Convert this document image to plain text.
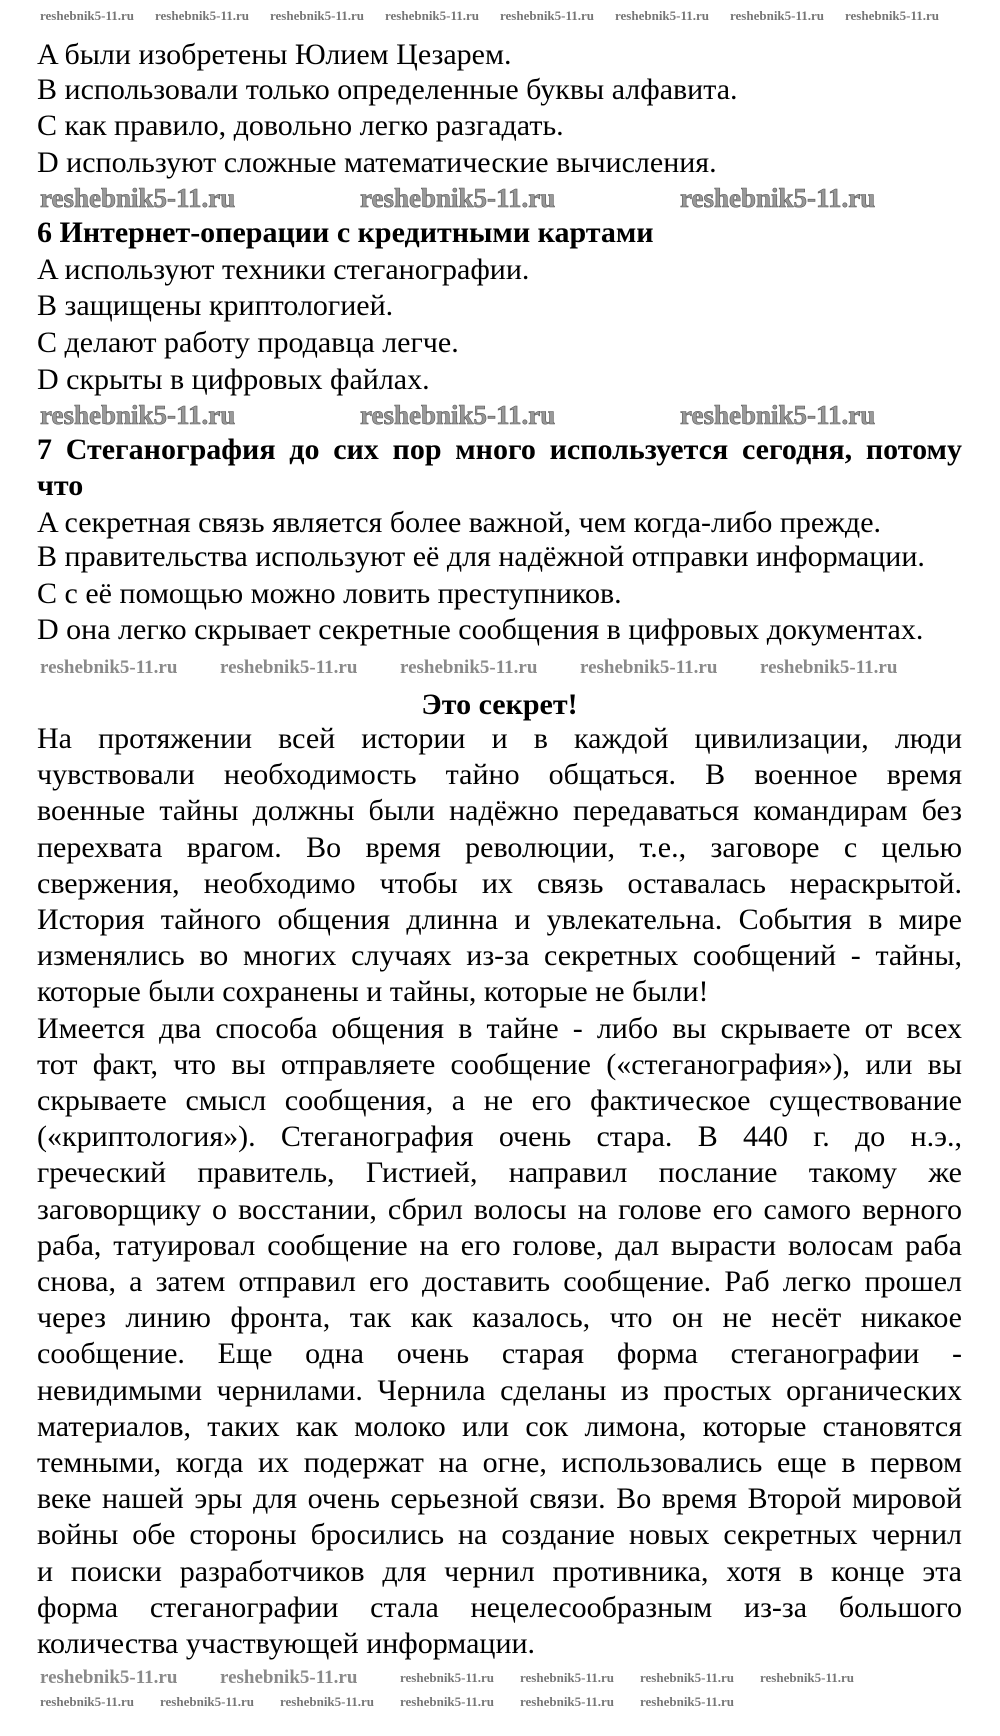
A были изобретены Юлием Цезарем.
B использовали только определенные буквы алфавита.
C как правило, довольно легко разгадать.
D используют сложные математические вычисления.
6 Интернет-операции с кредитными картами
A используют техники стеганографии.
B защищены криптологией.
C делают работу продавца легче.
D скрыты в цифровых файлах.
7 Стеганография до сих пор много используется сегодня, потому
что
A секретная связь является более важной, чем когда-либо прежде.
B правительства используют её для надёжной отправки информации.
C с её помощью можно ловить преступников.
D она легко скрывает секретные сообщения в цифровых документах.
Это секрет!
На протяжении всей истории и в каждой цивилизации, люди
чувствовали необходимость тайно общаться. В военное время
военные тайны должны были надёжно передаваться командирам без
перехвата врагом. Во время революции, т.е., заговоре с целью
свержения, необходимо чтобы их связь оставалась нераскрытой.
История тайного общения длинна и увлекательна. События в мире
изменялись во многих случаях из-за секретных сообщений - тайны,
которые были сохранены и тайны, которые не были!
Имеется два способа общения в тайне - либо вы скрываете от всех
тот факт, что вы отправляете сообщение («стеганография»), или вы
скрываете смысл сообщения, а не его фактическое существование
(«криптология»). Стеганография очень стара. В 440 г. до н.э.,
греческий правитель, Гистией, направил послание такому же
заговорщику о восстании, сбрил волосы на голове его самого верного
раба, татуировал сообщение на его голове, дал вырасти волосам раба
снова, а затем отправил его доставить сообщение. Раб легко прошел
через линию фронта, так как казалось, что он не несёт никакое
сообщение. Еще одна очень старая форма стеганографии -
невидимыми чернилами. Чернила сделаны из простых органических
материалов, таких как молоко или сок лимона, которые становятся
темными, когда их подержат на огне, использовались еще в первом
веке нашей эры для очень серьезной связи. Во время Второй мировой
войны обе стороны бросились на создание новых секретных чернил
и поиски разработчиков для чернил противника, хотя в конце эта
форма стеганографии стала нецелесообразным из-за большого
количества участвующей информации.
reshebnik5-11.ru reshebnik5-11.ru reshebnik5-11.ru reshebnik5-11.ru reshebnik5-11.ru reshebnik5-11.ru reshebnik5-11.ru reshebnik5-11.ru
reshebnik5-11.ru	reshebnik5-11.ru	reshebnik5-11.ru
reshebnik5-11.ru	reshebnik5-11.ru	reshebnik5-11.ru
reshebnik5-11.ru reshebnik5-11.ru reshebnik5-11.ru reshebnik5-11.ru reshebnik5-11.ru
reshebnik5-11.ru reshebnik5-11.ru	reshebnik5-11.ru reshebnik5-11.ru reshebnik5-11.ru reshebnik5-11.ru
reshebnik5-11.ru reshebnik5-11.ru reshebnik5-11.ru reshebnik5-11.ru reshebnik5-11.ru reshebnik5-11.ru
